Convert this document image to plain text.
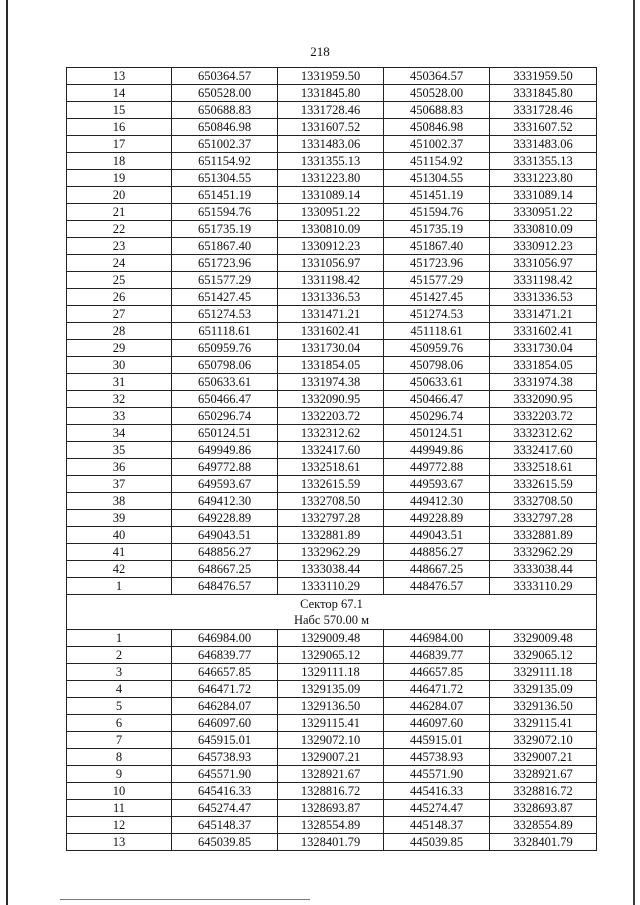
218
13	650364.57	1331959.50	450364.57	3331959.50
14	650528.00	1331845.80	450528.00	3331845.80
15	650688.83	1331728.46	450688.83	3331728.46
16	650846.98	1331607.52	450846.98	3331607.52
17	651002.37	1331483.06	451002.37	3331483.06
18	651154.92	1331355.13	451154.92	3331355.13
19	651304.55	1331223.80	451304.55	3331223.80
20	651451.19	1331089.14	451451.19	3331089.14
21	651594.76	1330951.22	451594.76	3330951.22
22	651735.19	1330810.09	451735.19	3330810.09
23	651867.40	1330912.23	451867.40	3330912.23
24	651723.96	1331056.97	451723.96	3331056.97
25	651577.29	1331198.42	451577.29	3331198.42
26	651427.45	1331336.53	451427.45	3331336.53
27	651274.53	1331471.21	451274.53	3331471.21
28	651118.61	1331602.41	451118.61	3331602.41
29	650959.76	1331730.04	450959.76	3331730.04
30	650798.06	1331854.05	450798.06	3331854.05
31	650633.61	1331974.38	450633.61	3331974.38
32	650466.47	1332090.95	450466.47	3332090.95
33	650296.74	1332203.72	450296.74	3332203.72
34	650124.51	1332312.62	450124.51	3332312.62
35	649949.86	1332417.60	449949.86	3332417.60
36	649772.88	1332518.61	449772.88	3332518.61
37	649593.67	1332615.59	449593.67	3332615.59
38	649412.30	1332708.50	449412.30	3332708.50
39	649228.89	1332797.28	449228.89	3332797.28
40	649043.51	1332881.89	449043.51	3332881.89
41	648856.27	1332962.29	448856.27	3332962.29
42	648667.25	1333038.44	448667.25	3333038.44
1	648476.57	1333110.29	448476.57	3333110.29

Сектор 67.1
Набс 570.00 м				

1	646984.00	1329009.48	446984.00	3329009.48
2	646839.77	1329065.12	446839.77	3329065.12
3	646657.85	1329111.18	446657.85	3329111.18
4	646471.72	1329135.09	446471.72	3329135.09
5	646284.07	1329136.50	446284.07	3329136.50
6	646097.60	1329115.41	446097.60	3329115.41
7	645915.01	1329072.10	445915.01	3329072.10
8	645738.93	1329007.21	445738.93	3329007.21
9	645571.90	1328921.67	445571.90	3328921.67
10	645416.33	1328816.72	445416.33	3328816.72
11	645274.47	1328693.87	445274.47	3328693.87
12	645148.37	1328554.89	445148.37	3328554.89
13	645039.85	1328401.79	445039.85	3328401.79
